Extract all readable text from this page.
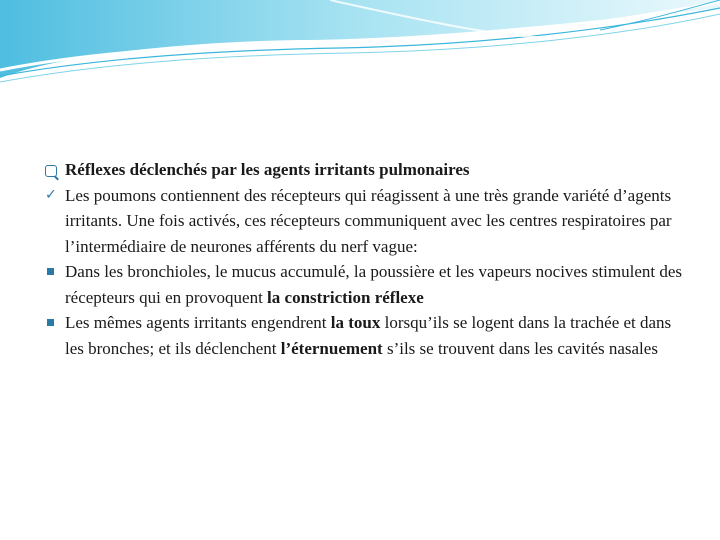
Réflexes déclenchés par les agents irritants pulmonaires
✓ Les poumons contiennent des récepteurs qui réagissent à une très grande variété d’agents irritants. Une fois activés, ces récepteurs communiquent avec les centres respiratoires par l’intermédiaire de neurones afférents du nerf vague:
Dans les bronchioles, le mucus accumulé, la poussière et les vapeurs nocives stimulent des récepteurs qui en provoquent la constriction réflexe
Les mêmes agents irritants engendrent la toux lorsqu’ils se logent dans la trachée et dans les bronches; et ils déclenchent l’éternuement s’ils se trouvent dans les cavités nasales
